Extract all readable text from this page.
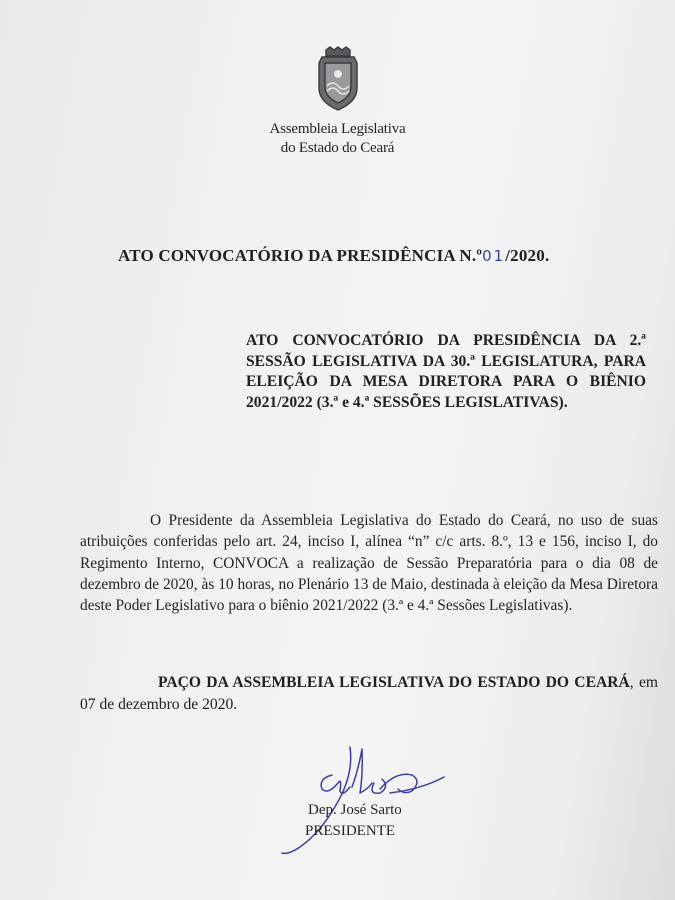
Assembleia Legislativa
do Estado do Ceará
ATO CONVOCATÓRIO DA PRESIDÊNCIA N.º01/2020.
ATO CONVOCATÓRIO DA PRESIDÊNCIA DA 2.ª SESSÃO LEGISLATIVA DA 30.ª LEGISLATURA, PARA ELEIÇÃO DA MESA DIRETORA PARA O BIÊNIO 2021/2022 (3.ª e 4.ª SESSÕES LEGISLATIVAS).
O Presidente da Assembleia Legislativa do Estado do Ceará, no uso de suas atribuições conferidas pelo art. 24, inciso I, alínea “n” c/c arts. 8.º, 13 e 156, inciso I, do Regimento Interno, CONVOCA a realização de Sessão Preparatória para o dia 08 de dezembro de 2020, às 10 horas, no Plenário 13 de Maio, destinada à eleição da Mesa Diretora deste Poder Legislativo para o biênio 2021/2022 (3.ª e 4.ª Sessões Legislativas).
PAÇO DA ASSEMBLEIA LEGISLATIVA DO ESTADO DO CEARÁ, em 07 de dezembro de 2020.
Dep. José Sarto
PRESIDENTE
